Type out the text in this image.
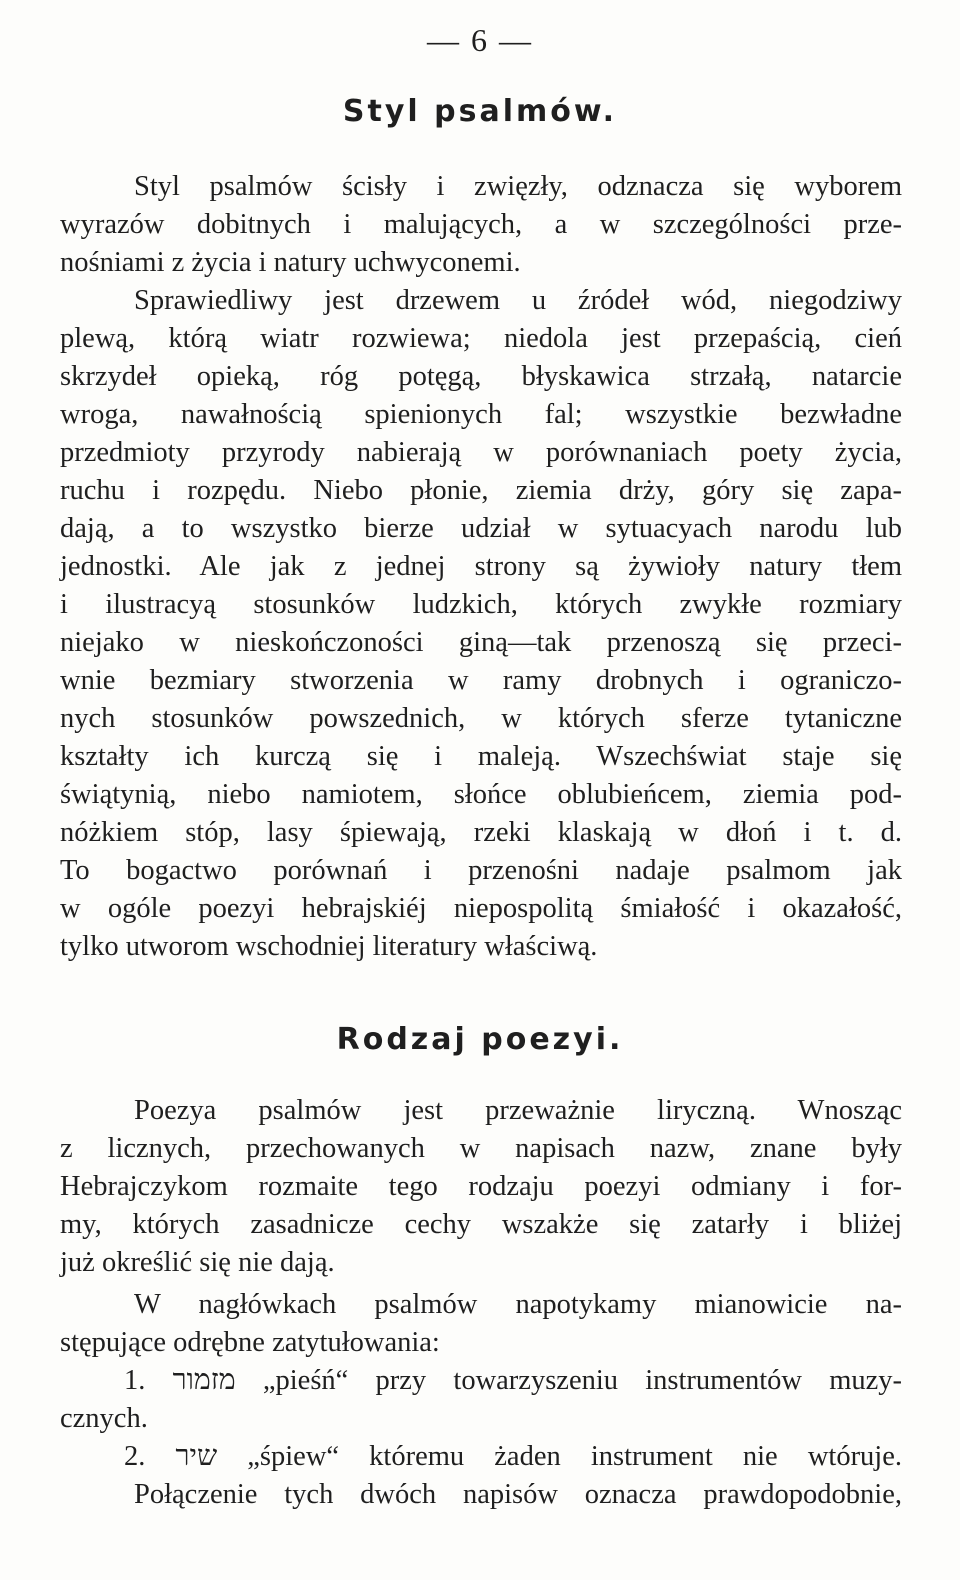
— 6 —
Styl psalmów.
Styl psalmów ścisły i zwięzły, odznacza się wyborem
wyrazów dobitnych i malujących, a w szczególności prze-
nośniami z życia i natury uchwyconemi.
Sprawiedliwy jest drzewem u źródeł wód, niegodziwy
plewą, którą wiatr rozwiewa; niedola jest przepaścią, cień
skrzydeł opieką, róg potęgą, błyskawica strzałą, natarcie
wroga, nawałnością spienionych fal; wszystkie bezwładne
przedmioty przyrody nabierają w porównaniach poety życia,
ruchu i rozpędu. Niebo płonie, ziemia drży, góry się zapa-
dają, a to wszystko bierze udział w sytuacyach narodu lub
jednostki. Ale jak z jednej strony są żywioły natury tłem
i ilustracyą stosunków ludzkich, których zwykłe rozmiary
niejako w nieskończoności giną—tak przenoszą się przeci-
wnie bezmiary stworzenia w ramy drobnych i ograniczo-
nych stosunków powszednich, w których sferze tytaniczne
kształty ich kurczą się i maleją. Wszechświat staje się
świątynią, niebo namiotem, słońce oblubieńcem, ziemia pod-
nóżkiem stóp, lasy śpiewają, rzeki klaskają w dłoń i t. d.
To bogactwo porównań i przenośni nadaje psalmom jak
w ogóle poezyi hebrajskiéj niepospolitą śmiałość i okazałość,
tylko utworom wschodniej literatury właściwą.
Rodzaj poezyi.
Poezya psalmów jest przeważnie liryczną. Wnosząc
z licznych, przechowanych w napisach nazw, znane były
Hebrajczykom rozmaite tego rodzaju poezyi odmiany i for-
my, których zasadnicze cechy wszakże się zatarły i bliżej
już określić się nie dają.
W nagłówkach psalmów napotykamy mianowicie na-
stępujące odrębne zatytułowania:
1. מזמור „pieśń“ przy towarzyszeniu instrumentów muzy-
cznych.
2. שיר „śpiew“ któremu żaden instrument nie wtóruje.
Połączenie tych dwóch napisów oznacza prawdopodobnie,
